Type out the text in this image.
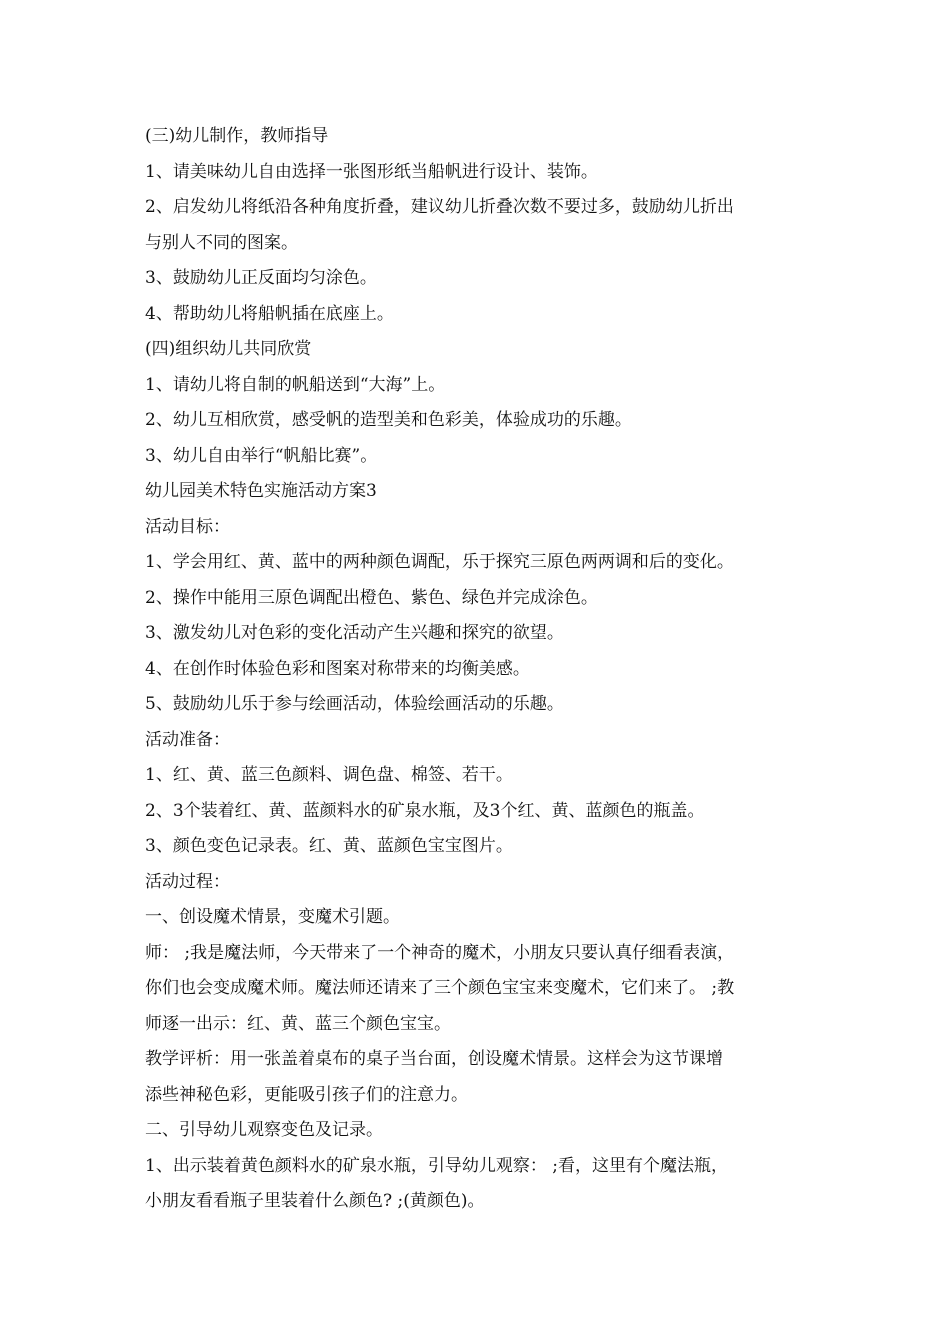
(三)幼儿制作，教师指导
1、请美味幼儿自由选择一张图形纸当船帆进行设计、装饰。
2、启发幼儿将纸沿各种角度折叠，建议幼儿折叠次数不要过多，鼓励幼儿折出
与别人不同的图案。
3、鼓励幼儿正反面均匀涂色。
4、帮助幼儿将船帆插在底座上。
(四)组织幼儿共同欣赏
1、请幼儿将自制的帆船送到“大海”上。
2、幼儿互相欣赏，感受帆的造型美和色彩美，体验成功的乐趣。
3、幼儿自由举行“帆船比赛”。
幼儿园美术特色实施活动方案3
活动目标：
1、学会用红、黄、蓝中的两种颜色调配，乐于探究三原色两两调和后的变化。
2、操作中能用三原色调配出橙色、紫色、绿色并完成涂色。
3、激发幼儿对色彩的变化活动产生兴趣和探究的欲望。
4、在创作时体验色彩和图案对称带来的均衡美感。
5、鼓励幼儿乐于参与绘画活动，体验绘画活动的乐趣。
活动准备：
1、红、黄、蓝三色颜料、调色盘、棉签、若干。
2、3个装着红、黄、蓝颜料水的矿泉水瓶，及3个红、黄、蓝颜色的瓶盖。
3、颜色变色记录表。红、黄、蓝颜色宝宝图片。
活动过程：
一、创设魔术情景，变魔术引题。
师： ;我是魔法师，今天带来了一个神奇的魔术，小朋友只要认真仔细看表演，
你们也会变成魔术师。魔法师还请来了三个颜色宝宝来变魔术，它们来了。 ;教
师逐一出示：红、黄、蓝三个颜色宝宝。
教学评析：用一张盖着桌布的桌子当台面，创设魔术情景。这样会为这节课增
添些神秘色彩，更能吸引孩子们的注意力。
二、引导幼儿观察变色及记录。
1、出示装着黄色颜料水的矿泉水瓶，引导幼儿观察： ;看，这里有个魔法瓶，
小朋友看看瓶子里装着什么颜色? ;(黄颜色)。
